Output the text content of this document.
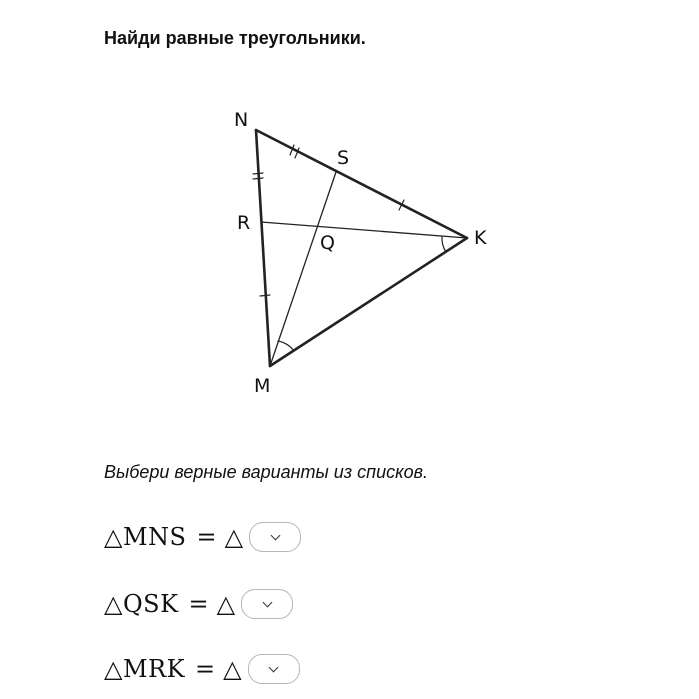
Найди равные треугольники.
N
S
R
Q	K
M
Выбери верные варианты из списков.
△MNS = △
△QSK = △
△MRK = △
